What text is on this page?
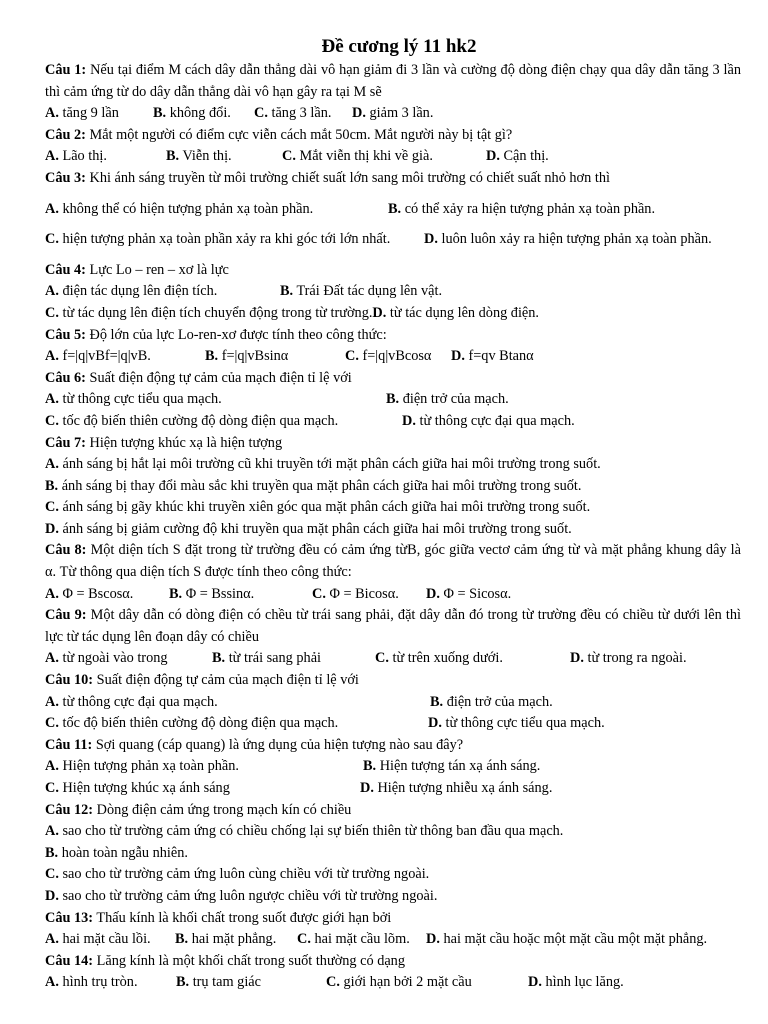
Đề cương lý 11 hk2
Câu 1: Nếu tại điểm M cách dây dẫn thẳng dài vô hạn giảm đi 3 lần và cường độ dòng điện chạy qua dây dẫn tăng 3 lần thì cảm ứng từ do dây dẫn thẳng dài vô hạn gây ra tại M sẽ
A. tăng 9 lần B. không đổi. C. tăng 3 lần. D. giảm 3 lần.
Câu 2: Mắt một người có điểm cực viễn cách mắt 50cm. Mắt người này bị tật gì?
A. Lão thị.	B. Viễn thị.	C. Mắt viễn thị khi về già.	D. Cận thị.
Câu 3: Khi ánh sáng truyền từ môi trường chiết suất lớn sang môi trường có chiết suất nhỏ hơn thì
A. không thể có hiện tượng phản xạ toàn phần.	B. có thể xảy ra hiện tượng phản xạ toàn phần.
C. hiện tượng phản xạ toàn phần xảy ra khi góc tới lớn nhất. D. luôn luôn xảy ra hiện tượng phản xạ toàn phần.
Câu 4: Lực Lo – ren – xơ là lực
A. điện tác dụng lên điện tích.	B. Trái Đất tác dụng lên vật.
C. từ tác dụng lên điện tích chuyển động trong từ trường.D. từ tác dụng lên dòng điện.
Câu 5: Độ lớn của lực Lo-ren-xơ được tính theo công thức:
A. f=|q|vBf=|q|vB.	B. f=|q|vBsinα	C. f=|q|vBcosα D. f=qv Btanα
Câu 6: Suất điện động tự cảm của mạch điện tỉ lệ với
A. từ thông cực tiểu qua mạch.	B. điện trở của mạch.
C. tốc độ biến thiên cường độ dòng điện qua mạch.	D. từ thông cực đại qua mạch.
Câu 7: Hiện tượng khúc xạ là hiện tượng
A. ánh sáng bị hắt lại môi trường cũ khi truyền tới mặt phân cách giữa hai môi trường trong suốt.
B. ánh sáng bị thay đổi màu sắc khi truyền qua mặt phân cách giữa hai môi trường trong suốt.
C. ánh sáng bị gãy khúc khi truyền xiên góc qua mặt phân cách giữa hai môi trường trong suốt.
D. ánh sáng bị giảm cường độ khi truyền qua mặt phân cách giữa hai môi trường trong suốt.
Câu 8: Một diện tích S đặt trong từ trường đều có cảm ứng từB, góc giữa vectơ cảm ứng từ và mặt phẳng khung dây là α. Từ thông qua diện tích S được tính theo công thức:
A. Φ = Bscosα. B. Φ = Bssinα.	C. Φ = Bicosα. D. Φ = Sicosα.
Câu 9: Một dây dẫn có dòng điện có chều từ trái sang phải, đặt dây dẫn đó trong từ trường đều có chiều từ dưới lên thì lực từ tác dụng lên đoạn dây có chiều
A. từ ngoài vào trong	B. từ trái sang phải	C. từ trên xuống dưới.	D. từ trong ra ngoài.
Câu 10: Suất điện động tự cảm của mạch điện tỉ lệ với
A. từ thông cực đại qua mạch.	B. điện trở của mạch.
C. tốc độ biến thiên cường độ dòng điện qua mạch.	D. từ thông cực tiểu qua mạch.
Câu 11: Sợi quang (cáp quang) là ứng dụng của hiện tượng nào sau đây?
A. Hiện tượng phản xạ toàn phần.	B. Hiện tượng tán xạ ánh sáng.
C. Hiện tượng khúc xạ ánh sáng	D. Hiện tượng nhiễu xạ ánh sáng.
Câu 12: Dòng điện cảm ứng trong mạch kín có chiều
A. sao cho từ trường cảm ứng có chiều chống lại sự biến thiên từ thông ban đầu qua mạch.
B. hoàn toàn ngẫu nhiên.
C. sao cho từ trường cảm ứng luôn cùng chiều với từ trường ngoài.
D. sao cho từ trường cảm ứng luôn ngược chiều với từ trường ngoài.
Câu 13: Thấu kính là khối chất trong suốt được giới hạn bởi
A. hai mặt cầu lồi. B. hai mặt phẳng. C. hai mặt cầu lõm. D. hai mặt cầu hoặc một mặt cầu một mặt phẳng.
Câu 14: Lăng kính là một khối chất trong suốt thường có dạng
A. hình trụ tròn.	B. trụ tam giác	C. giới hạn bởi 2 mặt cầu	D. hình lục lăng.
